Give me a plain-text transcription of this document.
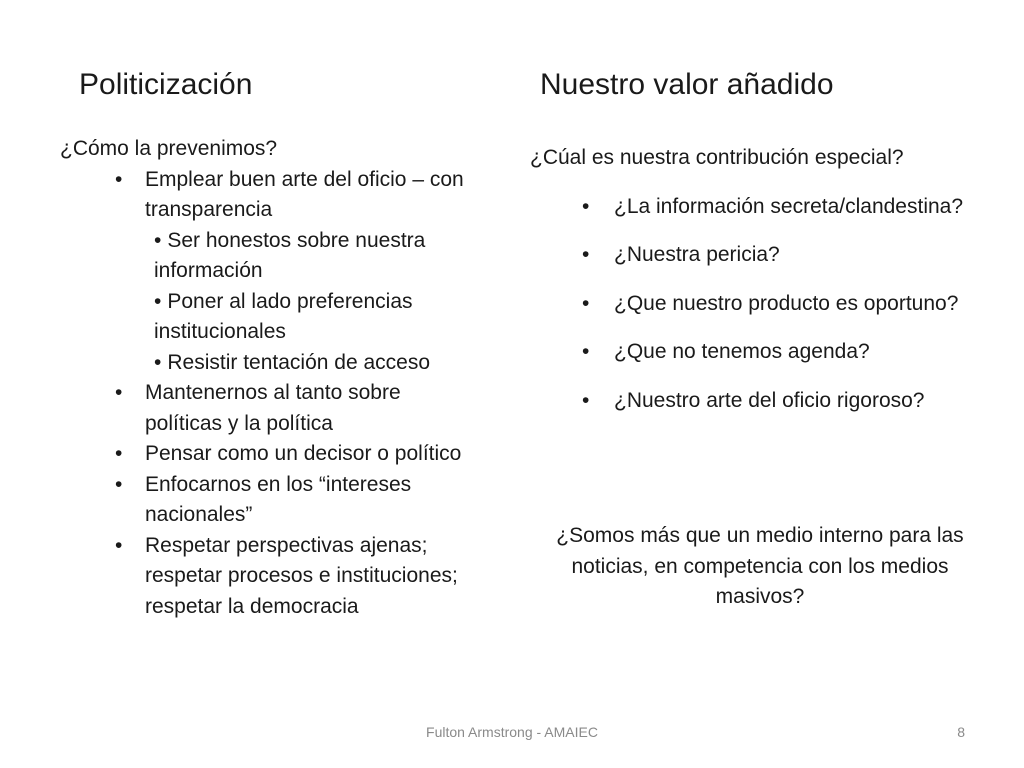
Politicización	Nuestro valor añadido

¿Cómo la prevenimos?

• Emplear buen arte del oficio – con transparencia
• Ser honestos sobre nuestra información
• Poner al lado preferencias institucionales
• Resistir tentación de acceso
• Mantenernos al tanto sobre políticas y la política
• Pensar como un decisor o político
• Enfocarnos en los “intereses nacionales”
• Respetar perspectivas ajenas; respetar procesos e instituciones; respetar la democracia

¿Cúal es nuestra contribución especial?

• ¿La información secreta/clandestina?
• ¿Nuestra pericia?
• ¿Que nuestro producto es oportuno?
• ¿Que no tenemos agenda?
• ¿Nuestro arte del oficio rigoroso?

¿Somos más que un medio interno para las noticias, en competencia con los medios masivos?

Fulton Armstrong - AMAIEC	8
